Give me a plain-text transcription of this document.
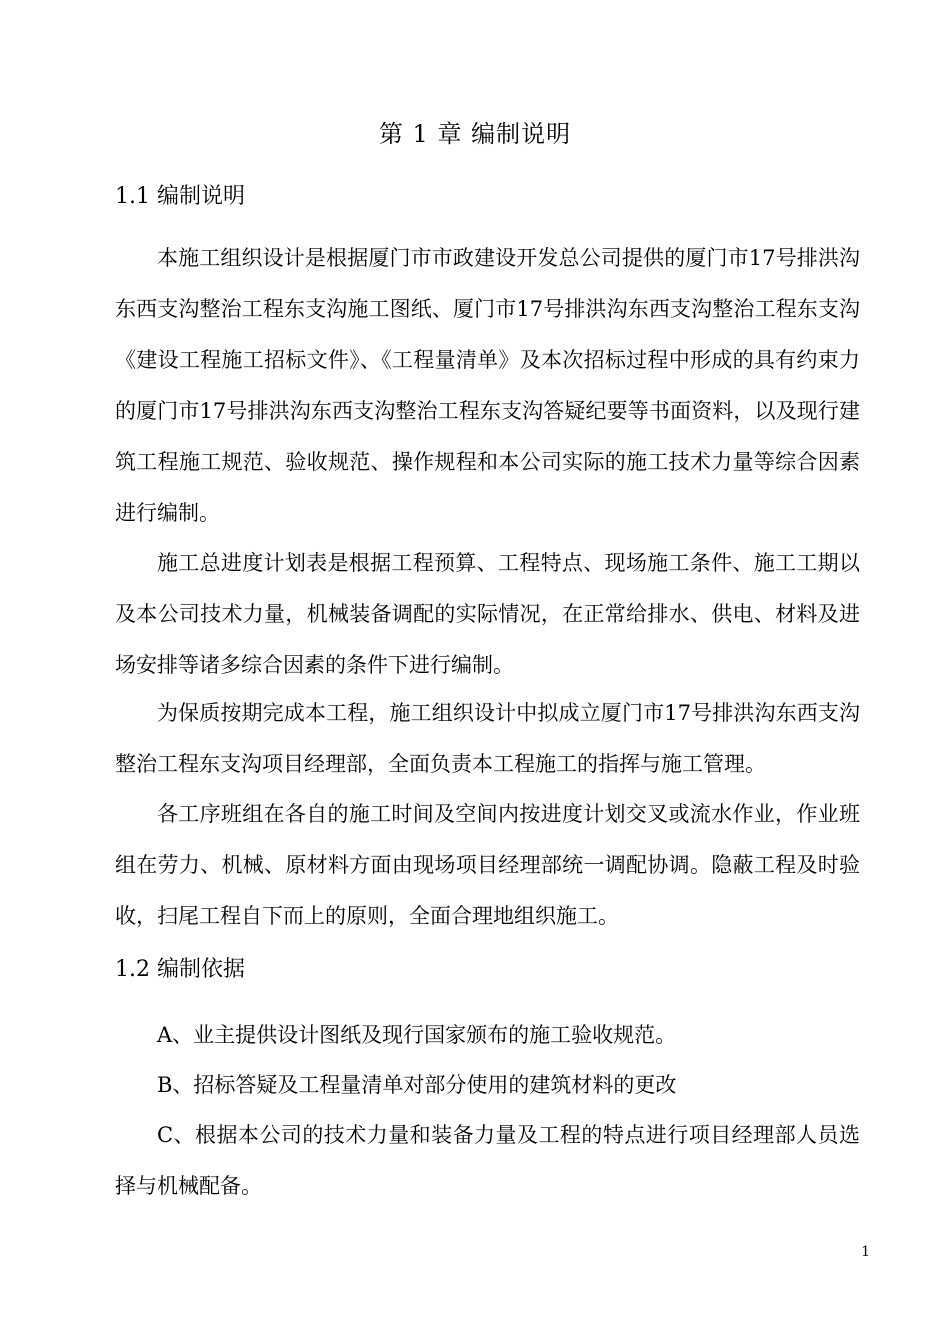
第 1 章 编制说明
1.1 编制说明
本施工组织设计是根据厦门市市政建设开发总公司提供的厦门市17号排洪沟东西支沟整治工程东支沟施工图纸、厦门市17号排洪沟东西支沟整治工程东支沟《建设工程施工招标文件》、《工程量清单》及本次招标过程中形成的具有约束力的厦门市17号排洪沟东西支沟整治工程东支沟答疑纪要等书面资料，以及现行建筑工程施工规范、验收规范、操作规程和本公司实际的施工技术力量等综合因素进行编制。
施工总进度计划表是根据工程预算、工程特点、现场施工条件、施工工期以及本公司技术力量，机械装备调配的实际情况，在正常给排水、供电、材料及进场安排等诸多综合因素的条件下进行编制。
为保质按期完成本工程，施工组织设计中拟成立厦门市17号排洪沟东西支沟整治工程东支沟项目经理部，全面负责本工程施工的指挥与施工管理。
各工序班组在各自的施工时间及空间内按进度计划交叉或流水作业，作业班组在劳力、机械、原材料方面由现场项目经理部统一调配协调。隐蔽工程及时验收，扫尾工程自下而上的原则，全面合理地组织施工。
1.2 编制依据
A、业主提供设计图纸及现行国家颁布的施工验收规范。
B、招标答疑及工程量清单对部分使用的建筑材料的更改
C、根据本公司的技术力量和装备力量及工程的特点进行项目经理部人员选择与机械配备。
1
